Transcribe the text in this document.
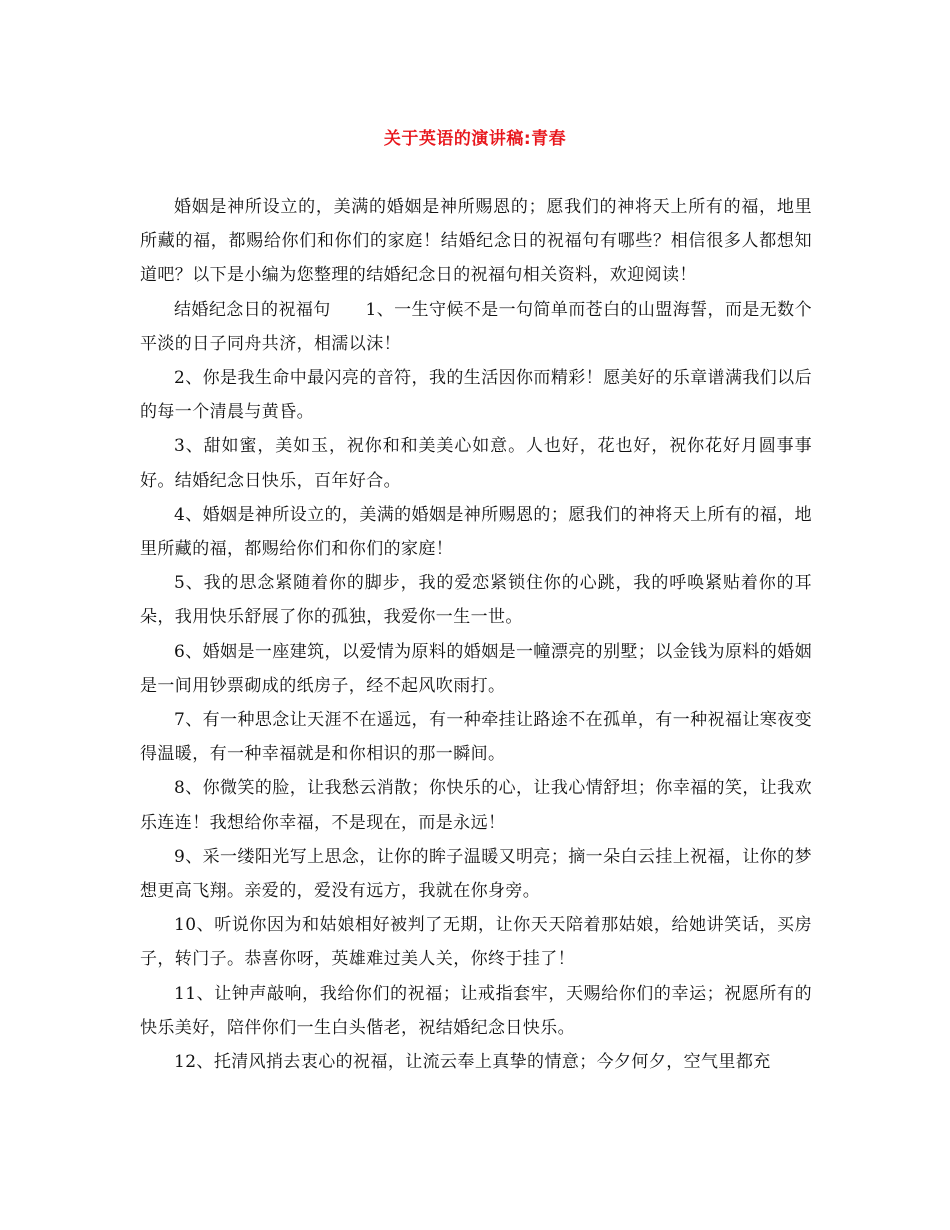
关于英语的演讲稿:青春

婚姻是神所设立的，美满的婚姻是神所赐恩的；愿我们的神将天上所有的福，地里所藏的福，都赐给你们和你们的家庭！结婚纪念日的祝福句有哪些？相信很多人都想知道吧？以下是小编为您整理的结婚纪念日的祝福句相关资料，欢迎阅读！

结婚纪念日的祝福句　　1、一生守候不是一句简单而苍白的山盟海誓，而是无数个平淡的日子同舟共济，相濡以沫！

2、你是我生命中最闪亮的音符，我的生活因你而精彩！愿美好的乐章谱满我们以后的每一个清晨与黄昏。

3、甜如蜜，美如玉，祝你和和美美心如意。人也好，花也好，祝你花好月圆事事好。结婚纪念日快乐，百年好合。

4、婚姻是神所设立的，美满的婚姻是神所赐恩的；愿我们的神将天上所有的福，地里所藏的福，都赐给你们和你们的家庭！

5、我的思念紧随着你的脚步，我的爱恋紧锁住你的心跳，我的呼唤紧贴着你的耳朵，我用快乐舒展了你的孤独，我爱你一生一世。

6、婚姻是一座建筑，以爱情为原料的婚姻是一幢漂亮的别墅；以金钱为原料的婚姻是一间用钞票砌成的纸房子，经不起风吹雨打。

7、有一种思念让天涯不在遥远，有一种牵挂让路途不在孤单，有一种祝福让寒夜变得温暖，有一种幸福就是和你相识的那一瞬间。

8、你微笑的脸，让我愁云消散；你快乐的心，让我心情舒坦；你幸福的笑，让我欢乐连连！我想给你幸福，不是现在，而是永远！

9、采一缕阳光写上思念，让你的眸子温暖又明亮；摘一朵白云挂上祝福，让你的梦想更高飞翔。亲爱的，爱没有远方，我就在你身旁。

10、听说你因为和姑娘相好被判了无期，让你天天陪着那姑娘，给她讲笑话，买房子，转门子。恭喜你呀，英雄难过美人关，你终于挂了！

11、让钟声敲响，我给你们的祝福；让戒指套牢，天赐给你们的幸运；祝愿所有的快乐美好，陪伴你们一生白头偕老，祝结婚纪念日快乐。

12、托清风捎去衷心的祝福，让流云奉上真挚的情意；今夕何夕，空气里都充
